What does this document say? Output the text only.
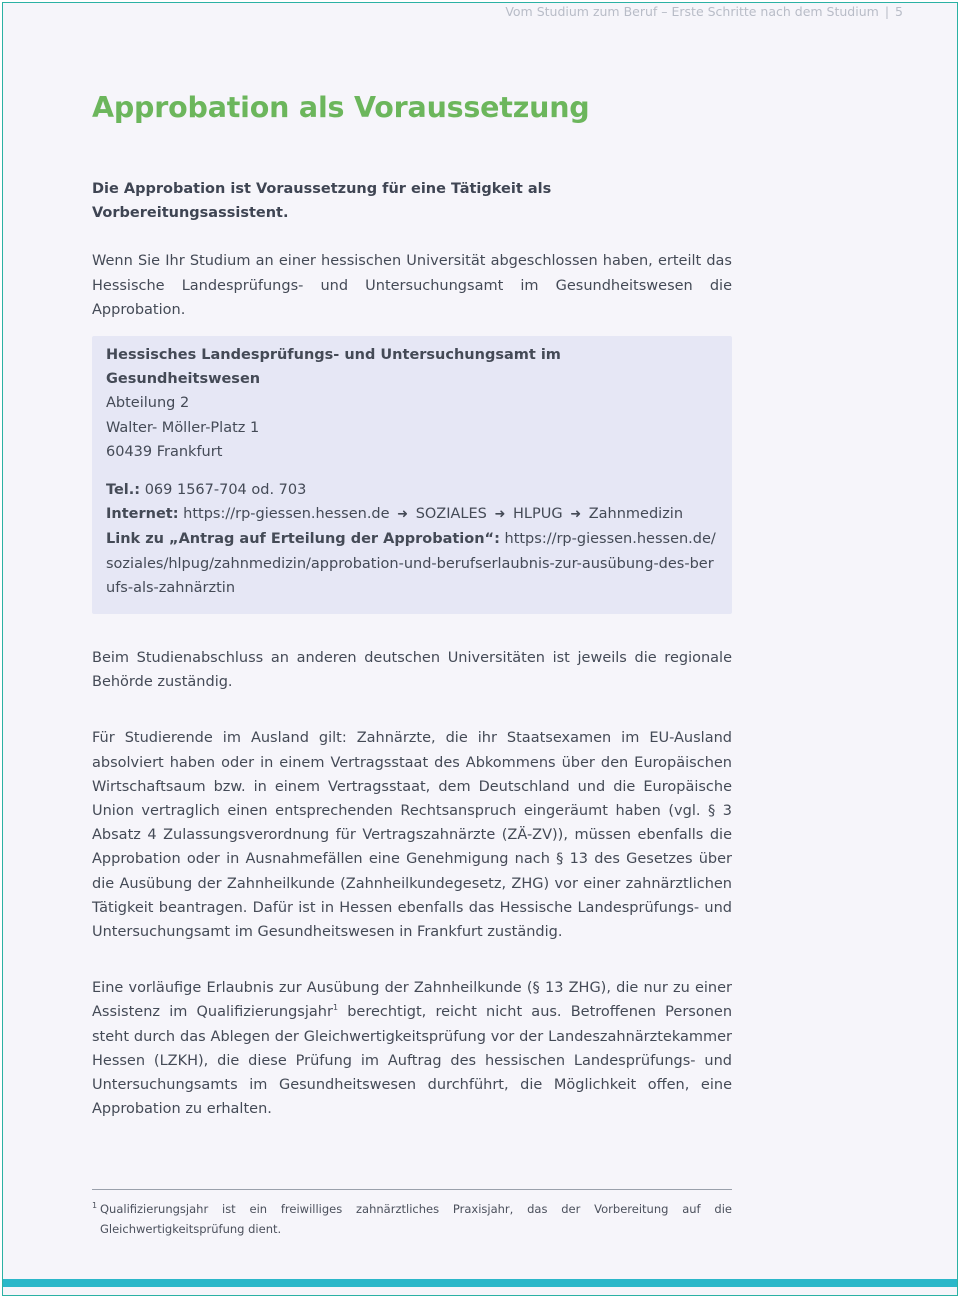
Vom Studium zum Beruf – Erste Schritte nach dem Studium | 5
Approbation als Voraussetzung

Die Approbation ist Voraussetzung für eine Tätigkeit als Vorbereitungsassistent.

Wenn Sie Ihr Studium an einer hessischen Universität abgeschlossen haben, erteilt das Hessische Landesprüfungs- und Untersuchungsamt im Gesundheitswesen die Approbation.

Hessisches Landesprüfungs- und Untersuchungsamt im Gesundheitswesen
Abteilung 2
Walter- Möller-Platz 1
60439 Frankfurt
Tel.: 069 1567-704 od. 703
Internet: https://rp-giessen.hessen.de ➜ SOZIALES ➜ HLPUG ➜ Zahnmedizin
Link zu „Antrag auf Erteilung der Approbation“: https://rp-giessen.hessen.de/soziales/hlpug/zahnmedizin/approbation-und-berufserlaubnis-zur-ausübung-des-berufs-als-zahnärztin

Beim Studienabschluss an anderen deutschen Universitäten ist jeweils die regionale Behörde zuständig.

Für Studierende im Ausland gilt: Zahnärzte, die ihr Staatsexamen im EU-Ausland absolviert haben oder in einem Vertragsstaat des Abkommens über den Europäischen Wirtschaftsaum bzw. in einem Vertragsstaat, dem Deutschland und die Europäische Union vertraglich einen entsprechenden Rechtsanspruch eingeräumt haben (vgl. § 3 Absatz 4 Zulassungsverordnung für Vertragszahnärzte (ZÄ-ZV)), müssen ebenfalls die Approbation oder in Ausnahmefällen eine Genehmigung nach § 13 des Gesetzes über die Ausübung der Zahnheilkunde (Zahnheilkundegesetz, ZHG) vor einer zahnärztlichen Tätigkeit beantragen. Dafür ist in Hessen ebenfalls das Hessische Landesprüfungs- und Untersuchungsamt im Gesundheitswesen in Frankfurt zuständig.

Eine vorläufige Erlaubnis zur Ausübung der Zahnheilkunde (§ 13 ZHG), die nur zu einer Assistenz im Qualifizierungsjahr$^1$ berechtigt, reicht nicht aus. Betroffenen Personen steht durch das Ablegen der Gleichwertigkeitsprüfung vor der Landeszahnärztekammer Hessen (LZKH), die diese Prüfung im Auftrag des hessischen Landesprüfungs- und Untersuchungsamts im Gesundheitswesen durchführt, die Möglichkeit offen, eine Approbation zu erhalten.

1 Qualifizierungsjahr ist ein freiwilliges zahnärztliches Praxisjahr, das der Vorbereitung auf die Gleichwertigkeitsprüfung dient.
